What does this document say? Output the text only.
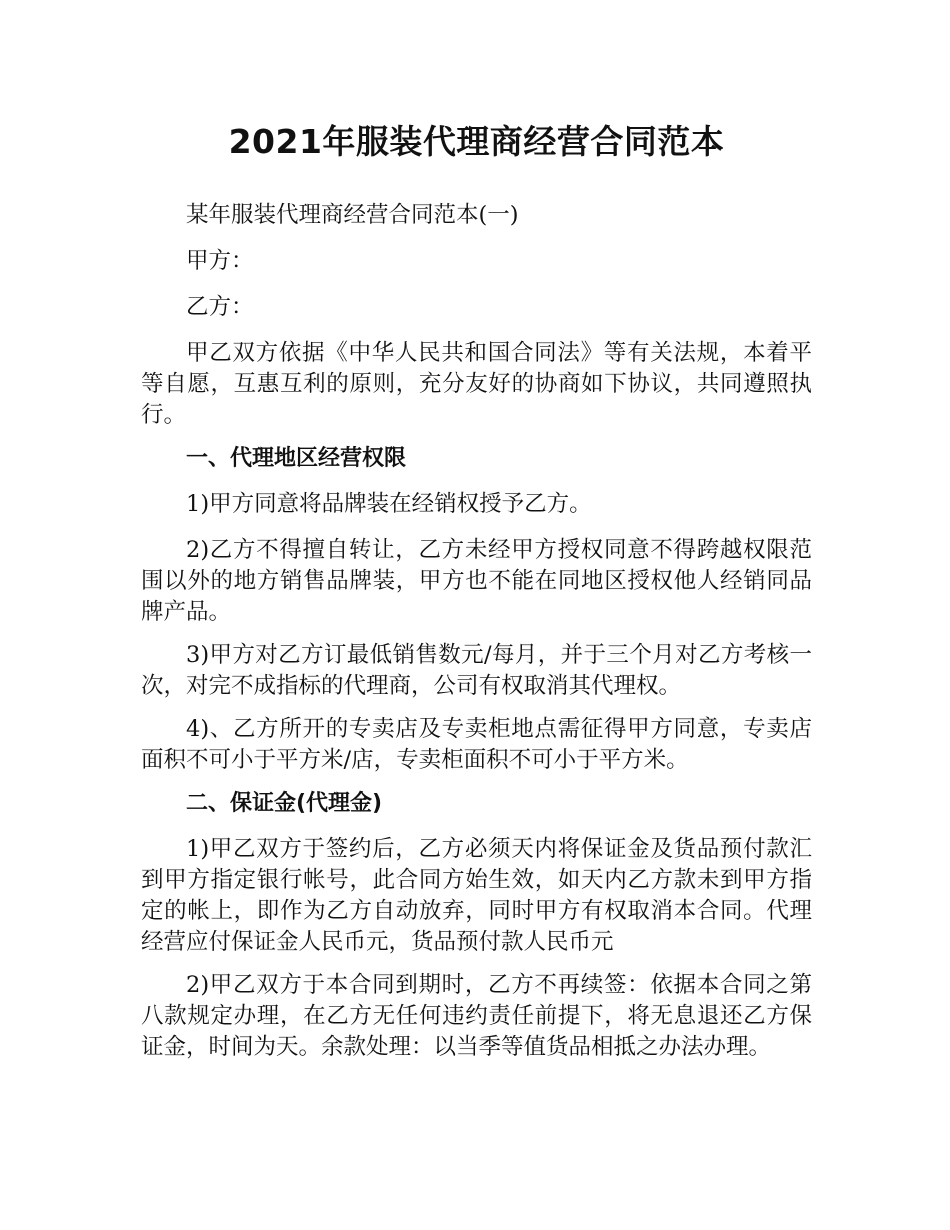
2021年服装代理商经营合同范本

某年服装代理商经营合同范本(一)

甲方：

乙方：

甲乙双方依据《中华人民共和国合同法》等有关法规，本着平等自愿，互惠互利的原则，充分友好的协商如下协议，共同遵照执行。

一、代理地区经营权限

1)甲方同意将品牌装在经销权授予乙方。

2)乙方不得擅自转让，乙方未经甲方授权同意不得跨越权限范围以外的地方销售品牌装，甲方也不能在同地区授权他人经销同品牌产品。

3)甲方对乙方订最低销售数元/每月，并于三个月对乙方考核一次，对完不成指标的代理商，公司有权取消其代理权。

4)、乙方所开的专卖店及专卖柜地点需征得甲方同意，专卖店面积不可小于平方米/店，专卖柜面积不可小于平方米。

二、保证金(代理金)

1)甲乙双方于签约后，乙方必须天内将保证金及货品预付款汇到甲方指定银行帐号，此合同方始生效，如天内乙方款未到甲方指定的帐上，即作为乙方自动放弃，同时甲方有权取消本合同。代理经营应付保证金人民币元，货品预付款人民币元

2)甲乙双方于本合同到期时，乙方不再续签：依据本合同之第八款规定办理，在乙方无任何违约责任前提下，将无息退还乙方保证金，时间为天。余款处理：以当季等值货品相抵之办法办理。
